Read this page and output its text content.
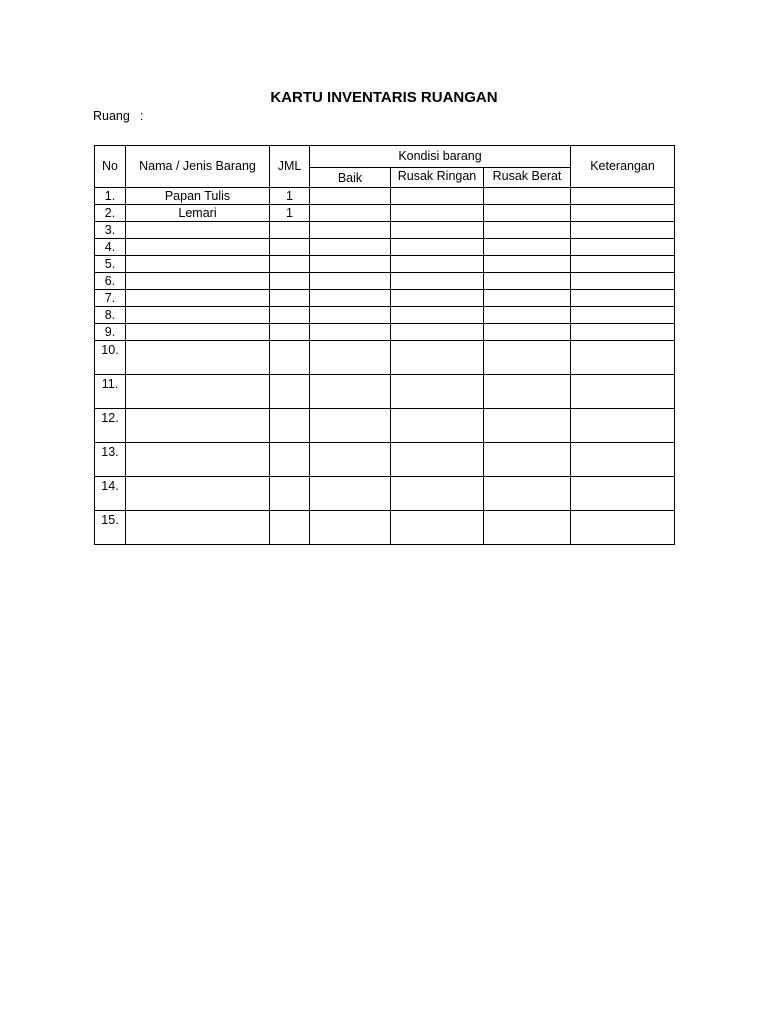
KARTU INVENTARIS RUANGAN
Ruang :
No	Nama / Jenis Barang	JML	Kondisi barang			Keterangan
			Baik	Rusak Ringan	Rusak Berat	
1.	Papan Tulis	1				
2.	Lemari	1				
3.						
4.						
5.						
6.						
7.						
8.						
9.						
10.						
11.						
12.						
13.						
14.						
15.						
